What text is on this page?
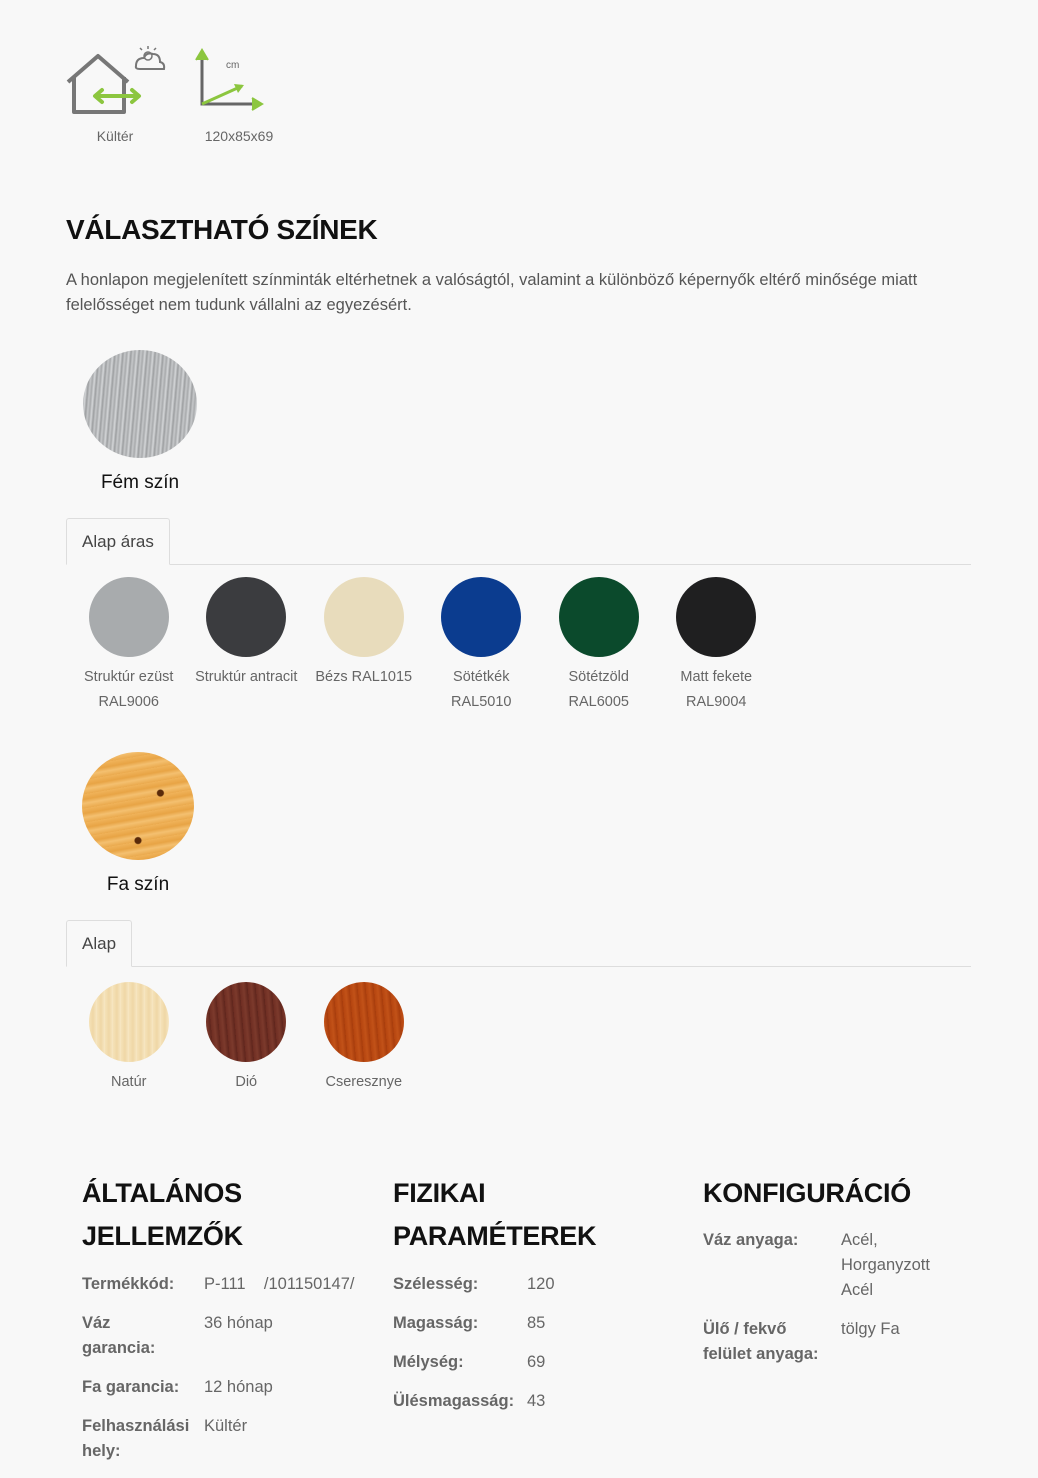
Kültér
cm
120x85x69
VÁLASZTHATÓ SZÍNEK

A honlapon megjelenített színminták eltérhetnek a valóságtól, valamint a különböző képernyők eltérő minősége miatt felelősséget nem tudunk vállalni az egyezésért.

Fém szín
Alap áras
Struktúr ezüst
RAL9006
Struktúr antracit Bézs RAL1015	Sötétkék
RAL5010
Sötétzöld
RAL6005
Matt fekete
RAL9004
Fa szín
Alap
Natúr	Dió	Cseresznye
ÁLTALÁNOS
JELLEMZŐK
Termékkód:	P-111    /101150147/
Váz garancia:
36 hónap
Fa garancia:	12 hónap
Felhasználási hely:
Kültér
FIZIKAI
PARAMÉTEREK
Szélesség:	120
Magasság:	85
Mélység:	69
Ülésmagasság: 43
KONFIGURÁCIÓ
Váz anyaga:	Acél, Horganyzott Acél
Ülő / fekvő felület anyaga:
tölgy Fa
